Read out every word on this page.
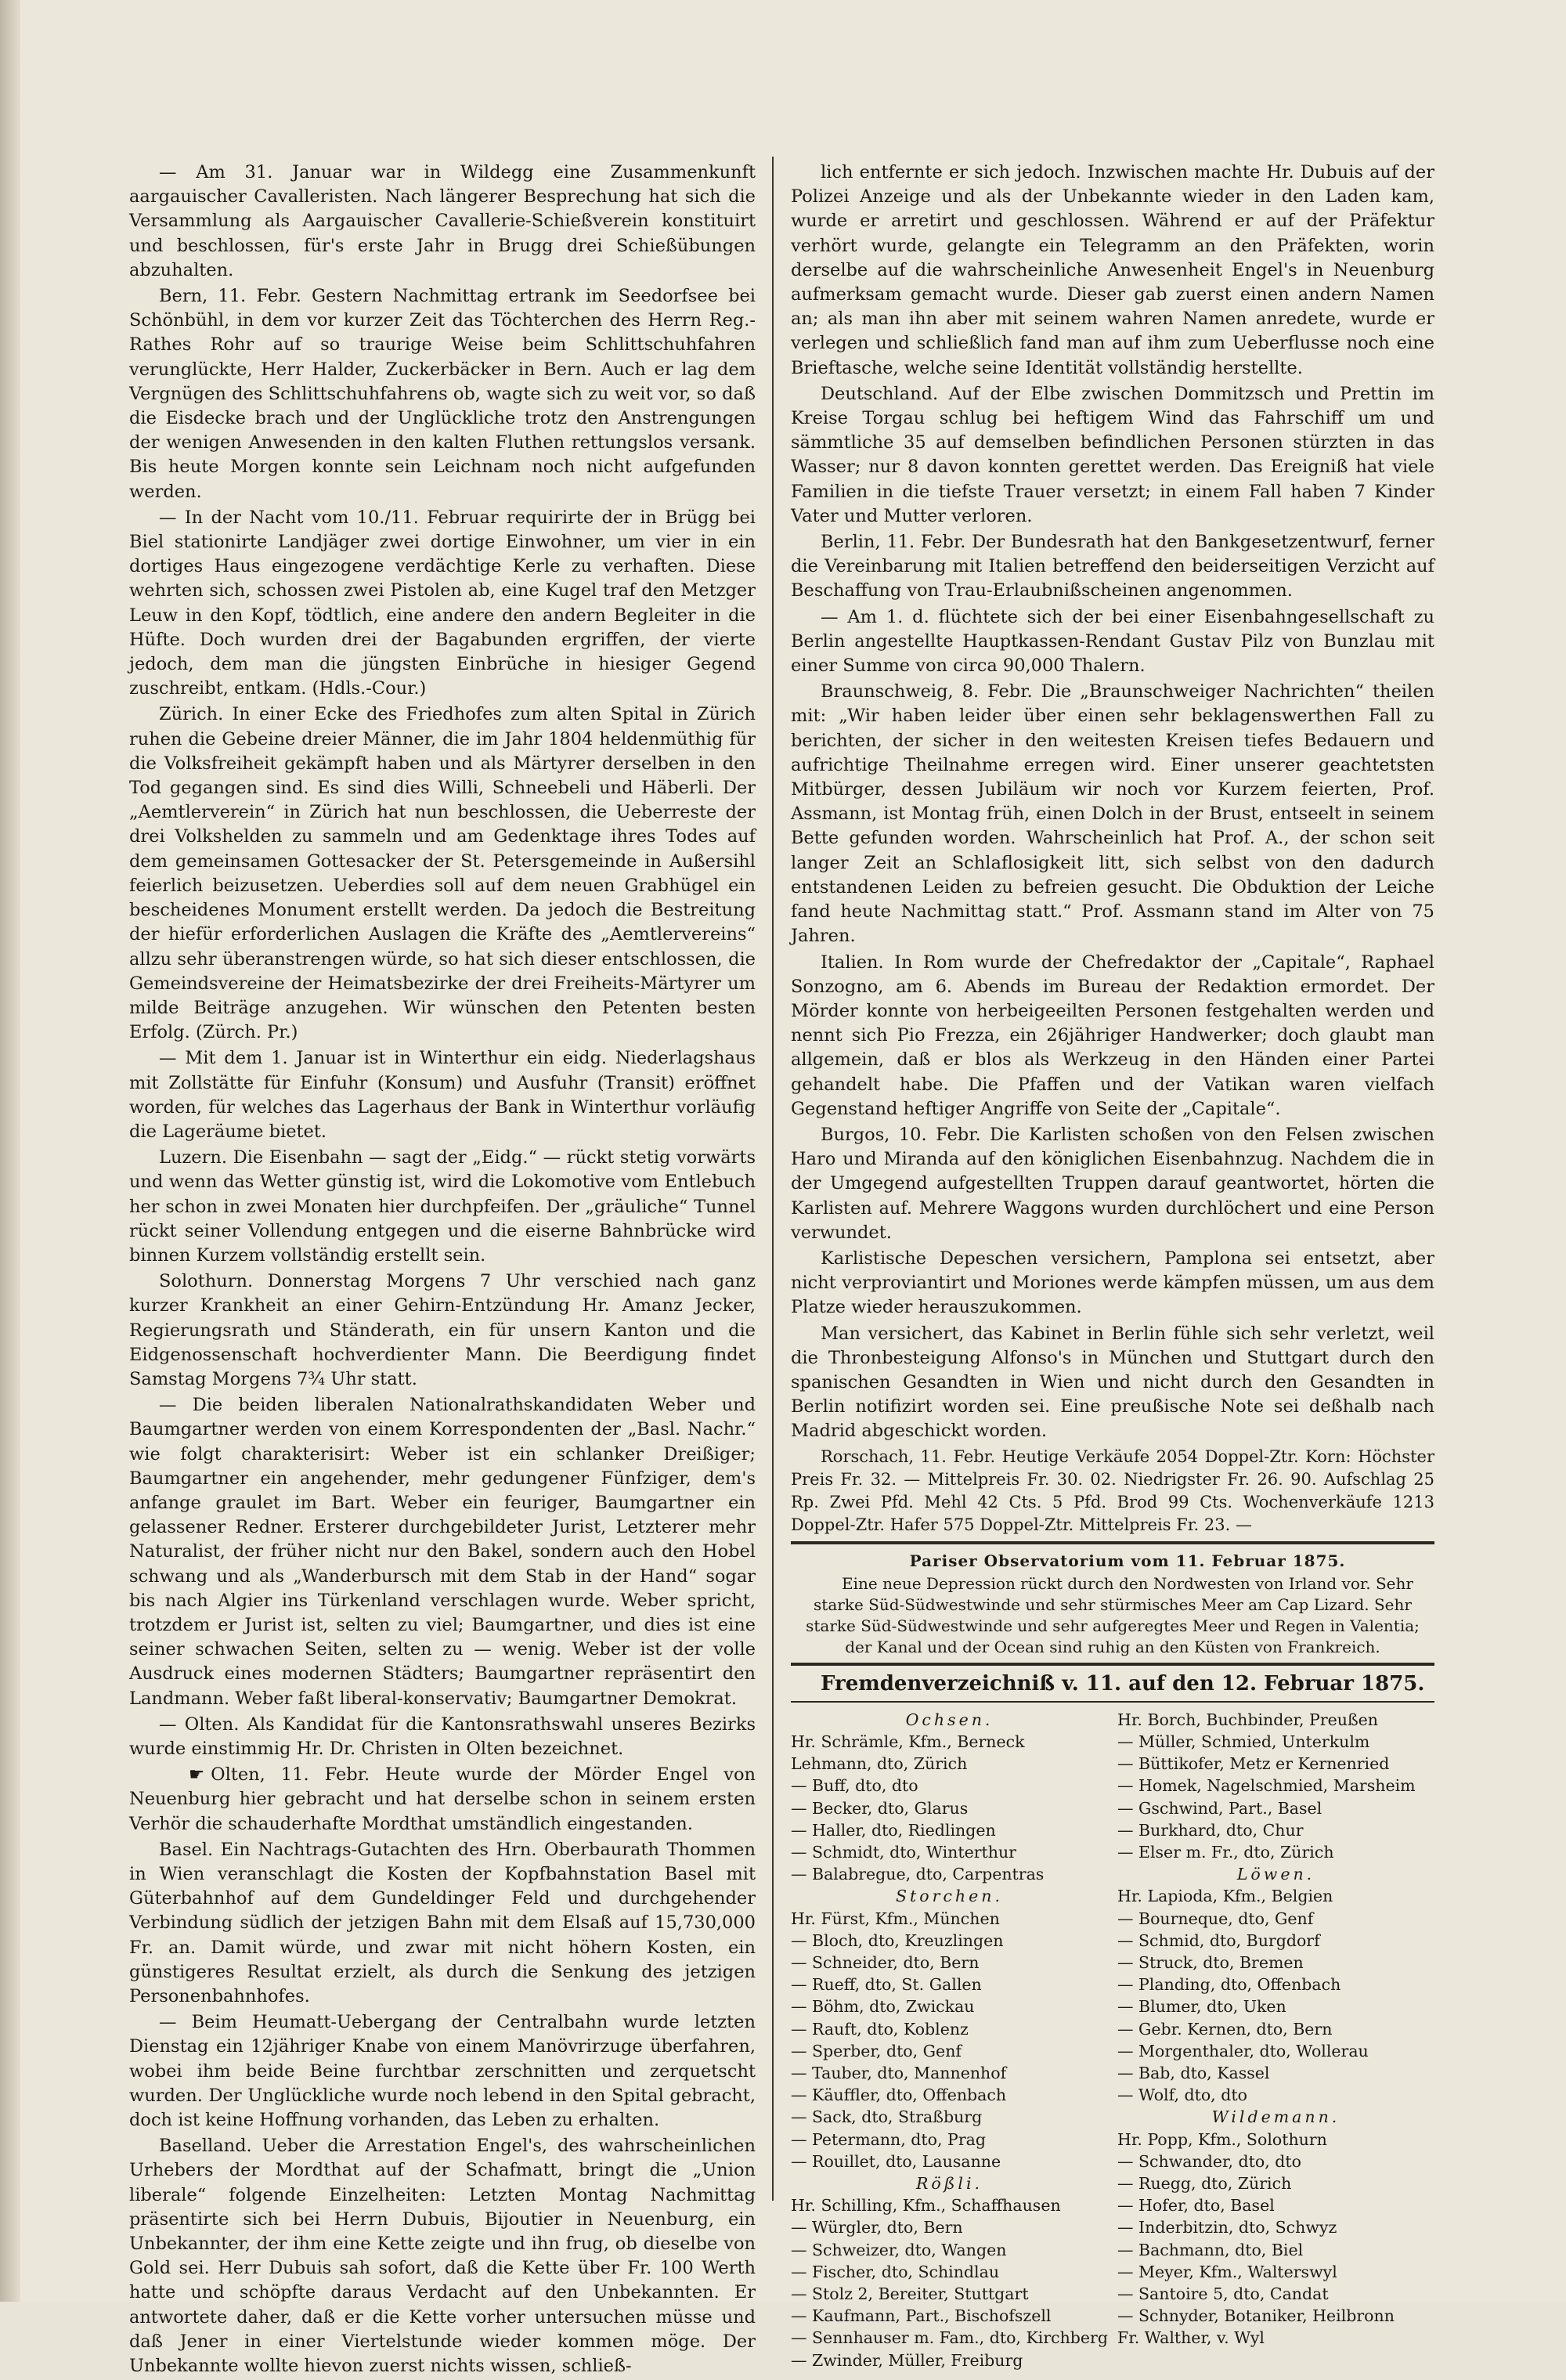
— Am 31. Januar war in Wildegg eine Zusammenkunft aargauischer Cavalleristen. Nach längerer Besprechung hat sich die Versammlung als Aargauischer Cavallerie-Schießverein konstituirt und beschlossen, für's erste Jahr in Brugg drei Schießübungen abzuhalten.

Bern, 11. Febr. Gestern Nachmittag ertrank im Seedorfsee bei Schönbühl, in dem vor kurzer Zeit das Töchterchen des Herrn Reg.-Rathes Rohr auf so traurige Weise beim Schlittschuhfahren verunglückte, Herr Halder, Zuckerbäcker in Bern. Auch er lag dem Vergnügen des Schlittschuhfahrens ob, wagte sich zu weit vor, so daß die Eisdecke brach und der Unglückliche trotz den Anstrengungen der wenigen Anwesenden in den kalten Fluthen rettungslos versank. Bis heute Morgen konnte sein Leichnam noch nicht aufgefunden werden.

— In der Nacht vom 10./11. Februar requirirte der in Brügg bei Biel stationirte Landjäger zwei dortige Einwohner, um vier in ein dortiges Haus eingezogene verdächtige Kerle zu verhaften. Diese wehrten sich, schossen zwei Pistolen ab, eine Kugel traf den Metzger Leuw in den Kopf, tödtlich, eine andere den andern Begleiter in die Hüfte. Doch wurden drei der Bagabunden ergriffen, der vierte jedoch, dem man die jüngsten Einbrüche in hiesiger Gegend zuschreibt, entkam. (Hdls.-Cour.)

Zürich. In einer Ecke des Friedhofes zum alten Spital in Zürich ruhen die Gebeine dreier Männer, die im Jahr 1804 heldenmüthig für die Volksfreiheit gekämpft haben und als Märtyrer derselben in den Tod gegangen sind. Es sind dies Willi, Schneebeli und Häberli. Der „Aemtlerverein“ in Zürich hat nun beschlossen, die Ueberreste der drei Volkshelden zu sammeln und am Gedenktage ihres Todes auf dem gemeinsamen Gottesacker der St. Petersgemeinde in Außersihl feierlich beizusetzen. Ueberdies soll auf dem neuen Grabhügel ein bescheidenes Monument erstellt werden. Da jedoch die Bestreitung der hiefür erforderlichen Auslagen die Kräfte des „Aemtlervereins“ allzu sehr überanstrengen würde, so hat sich dieser entschlossen, die Gemeindsvereine der Heimatsbezirke der drei Freiheits-Märtyrer um milde Beiträge anzugehen. Wir wünschen den Petenten besten Erfolg. (Zürch. Pr.)

— Mit dem 1. Januar ist in Winterthur ein eidg. Niederlagshaus mit Zollstätte für Einfuhr (Konsum) und Ausfuhr (Transit) eröffnet worden, für welches das Lagerhaus der Bank in Winterthur vorläufig die Lageräume bietet.

Luzern. Die Eisenbahn — sagt der „Eidg.“ — rückt stetig vorwärts und wenn das Wetter günstig ist, wird die Lokomotive vom Entlebuch her schon in zwei Monaten hier durchpfeifen. Der „gräuliche“ Tunnel rückt seiner Vollendung entgegen und die eiserne Bahnbrücke wird binnen Kurzem vollständig erstellt sein.

Solothurn. Donnerstag Morgens 7 Uhr verschied nach ganz kurzer Krankheit an einer Gehirn-Entzündung Hr. Amanz Jecker, Regierungsrath und Ständerath, ein für unsern Kanton und die Eidgenossenschaft hochverdienter Mann. Die Beerdigung findet Samstag Morgens 7¾ Uhr statt.

— Die beiden liberalen Nationalrathskandidaten Weber und Baumgartner werden von einem Korrespondenten der „Basl. Nachr.“ wie folgt charakterisirt: Weber ist ein schlanker Dreißiger; Baumgartner ein angehender, mehr gedungener Fünfziger, dem's anfange graulet im Bart. Weber ein feuriger, Baumgartner ein gelassener Redner. Ersterer durchgebildeter Jurist, Letzterer mehr Naturalist, der früher nicht nur den Bakel, sondern auch den Hobel schwang und als „Wanderbursch mit dem Stab in der Hand“ sogar bis nach Algier ins Türkenland verschlagen wurde. Weber spricht, trotzdem er Jurist ist, selten zu viel; Baumgartner, und dies ist eine seiner schwachen Seiten, selten zu — wenig. Weber ist der volle Ausdruck eines modernen Städters; Baumgartner repräsentirt den Landmann. Weber faßt liberal-konservativ; Baumgartner Demokrat.

— Olten. Als Kandidat für die Kantonsrathswahl unseres Bezirks wurde einstimmig Hr. Dr. Christen in Olten bezeichnet.

☛ Olten, 11. Febr. Heute wurde der Mörder Engel von Neuenburg hier gebracht und hat derselbe schon in seinem ersten Verhör die schauderhafte Mordthat umständlich eingestanden.

Basel. Ein Nachtrags-Gutachten des Hrn. Oberbaurath Thommen in Wien veranschlagt die Kosten der Kopfbahnstation Basel mit Güterbahnhof auf dem Gundeldinger Feld und durchgehender Verbindung südlich der jetzigen Bahn mit dem Elsaß auf 15,730,000 Fr. an. Damit würde, und zwar mit nicht höhern Kosten, ein günstigeres Resultat erzielt, als durch die Senkung des jetzigen Personenbahnhofes.

— Beim Heumatt-Uebergang der Centralbahn wurde letzten Dienstag ein 12jähriger Knabe von einem Manövrirzuge überfahren, wobei ihm beide Beine furchtbar zerschnitten und zerquetscht wurden. Der Unglückliche wurde noch lebend in den Spital gebracht, doch ist keine Hoffnung vorhanden, das Leben zu erhalten.

Baselland. Ueber die Arrestation Engel's, des wahrscheinlichen Urhebers der Mordthat auf der Schafmatt, bringt die „Union liberale“ folgende Einzelheiten: Letzten Montag Nachmittag präsentirte sich bei Herrn Dubuis, Bijoutier in Neuenburg, ein Unbekannter, der ihm eine Kette zeigte und ihn frug, ob dieselbe von Gold sei. Herr Dubuis sah sofort, daß die Kette über Fr. 100 Werth hatte und schöpfte daraus Verdacht auf den Unbekannten. Er antwortete daher, daß er die Kette vorher untersuchen müsse und daß Jener in einer Viertelstunde wieder kommen möge. Der Unbekannte wollte hievon zuerst nichts wissen, schließ-

lich entfernte er sich jedoch. Inzwischen machte Hr. Dubuis auf der Polizei Anzeige und als der Unbekannte wieder in den Laden kam, wurde er arretirt und geschlossen. Während er auf der Präfektur verhört wurde, gelangte ein Telegramm an den Präfekten, worin derselbe auf die wahrscheinliche Anwesenheit Engel's in Neuenburg aufmerksam gemacht wurde. Dieser gab zuerst einen andern Namen an; als man ihn aber mit seinem wahren Namen anredete, wurde er verlegen und schließlich fand man auf ihm zum Ueberflusse noch eine Brieftasche, welche seine Identität vollständig herstellte.

Deutschland. Auf der Elbe zwischen Dommitzsch und Prettin im Kreise Torgau schlug bei heftigem Wind das Fahrschiff um und sämmtliche 35 auf demselben befindlichen Personen stürzten in das Wasser; nur 8 davon konnten gerettet werden. Das Ereigniß hat viele Familien in die tiefste Trauer versetzt; in einem Fall haben 7 Kinder Vater und Mutter verloren.

Berlin, 11. Febr. Der Bundesrath hat den Bankgesetzentwurf, ferner die Vereinbarung mit Italien betreffend den beiderseitigen Verzicht auf Beschaffung von Trau-Erlaubnißscheinen angenommen.

— Am 1. d. flüchtete sich der bei einer Eisenbahngesellschaft zu Berlin angestellte Hauptkassen-Rendant Gustav Pilz von Bunzlau mit einer Summe von circa 90,000 Thalern.

Braunschweig, 8. Febr. Die „Braunschweiger Nachrichten“ theilen mit: „Wir haben leider über einen sehr beklagenswerthen Fall zu berichten, der sicher in den weitesten Kreisen tiefes Bedauern und aufrichtige Theilnahme erregen wird. Einer unserer geachtetsten Mitbürger, dessen Jubiläum wir noch vor Kurzem feierten, Prof. Assmann, ist Montag früh, einen Dolch in der Brust, entseelt in seinem Bette gefunden worden. Wahrscheinlich hat Prof. A., der schon seit langer Zeit an Schlaflosigkeit litt, sich selbst von den dadurch entstandenen Leiden zu befreien gesucht. Die Obduktion der Leiche fand heute Nachmittag statt.“ Prof. Assmann stand im Alter von 75 Jahren.

Italien. In Rom wurde der Chefredaktor der „Capitale“, Raphael Sonzogno, am 6. Abends im Bureau der Redaktion ermordet. Der Mörder konnte von herbeigeeilten Personen festgehalten werden und nennt sich Pio Frezza, ein 26jähriger Handwerker; doch glaubt man allgemein, daß er blos als Werkzeug in den Händen einer Partei gehandelt habe. Die Pfaffen und der Vatikan waren vielfach Gegenstand heftiger Angriffe von Seite der „Capitale“.

Burgos, 10. Febr. Die Karlisten schoßen von den Felsen zwischen Haro und Miranda auf den königlichen Eisenbahnzug. Nachdem die in der Umgegend aufgestellten Truppen darauf geantwortet, hörten die Karlisten auf. Mehrere Waggons wurden durchlöchert und eine Person verwundet.

Karlistische Depeschen versichern, Pamplona sei entsetzt, aber nicht verproviantirt und Moriones werde kämpfen müssen, um aus dem Platze wieder herauszukommen.

Man versichert, das Kabinet in Berlin fühle sich sehr verletzt, weil die Thronbesteigung Alfonso's in München und Stuttgart durch den spanischen Gesandten in Wien und nicht durch den Gesandten in Berlin notifizirt worden sei. Eine preußische Note sei deßhalb nach Madrid abgeschickt worden.

Rorschach, 11. Febr. Heutige Verkäufe 2054 Doppel-Ztr. Korn: Höchster Preis Fr. 32. — Mittelpreis Fr. 30. 02. Niedrigster Fr. 26. 90. Aufschlag 25 Rp. Zwei Pfd. Mehl 42 Cts. 5 Pfd. Brod 99 Cts. Wochenverkäufe 1213 Doppel-Ztr. Hafer 575 Doppel-Ztr. Mittelpreis Fr. 23. —

Pariser Observatorium vom 11. Februar 1875.

Eine neue Depression rückt durch den Nordwesten von Irland vor. Sehr starke Süd-Südwestwinde und sehr stürmisches Meer am Cap Lizard. Sehr starke Süd-Südwestwinde und sehr aufgeregtes Meer und Regen in Valentia; der Kanal und der Ocean sind ruhig an den Küsten von Frankreich.

Fremdenverzeichniß v. 11. auf den 12. Februar 1875.

Ochsen.
Hr. Schrämle, Kfm., Berneck
Lehmann, dto, Zürich
— Buff, dto, dto
— Becker, dto, Glarus
— Haller, dto, Riedlingen
— Schmidt, dto, Winterthur
— Balabregue, dto, Carpentras
Storchen.
Hr. Fürst, Kfm., München
— Bloch, dto, Kreuzlingen
— Schneider, dto, Bern
— Rueff, dto, St. Gallen
— Böhm, dto, Zwickau
— Rauft, dto, Koblenz
— Sperber, dto, Genf
— Tauber, dto, Mannenhof
— Käuffler, dto, Offenbach
— Sack, dto, Straßburg
— Petermann, dto, Prag
— Rouillet, dto, Lausanne
Rößli.
Hr. Schilling, Kfm., Schaffhausen
— Würgler, dto, Bern
— Schweizer, dto, Wangen
— Fischer, dto, Schindlau
— Stolz 2, Bereiter, Stuttgart
— Kaufmann, Part., Bischofszell
— Sennhauser m. Fam., dto, Kirchberg
— Zwinder, Müller, Freiburg
Hr. Borch, Buchbinder, Preußen
— Müller, Schmied, Unterkulm
— Büttikofer, Metz er Kernenried
— Homek, Nagelschmied, Marsheim
— Gschwind, Part., Basel
— Burkhard, dto, Chur
— Elser m. Fr., dto, Zürich
Löwen.
Hr. Lapioda, Kfm., Belgien
— Bourneque, dto, Genf
— Schmid, dto, Burgdorf
— Struck, dto, Bremen
— Planding, dto, Offenbach
— Blumer, dto, Uken
— Gebr. Kernen, dto, Bern
— Morgenthaler, dto, Wollerau
— Bab, dto, Kassel
— Wolf, dto, dto
Wildemann.
Hr. Popp, Kfm., Solothurn
— Schwander, dto, dto
— Ruegg, dto, Zürich
— Hofer, dto, Basel
— Inderbitzin, dto, Schwyz
— Bachmann, dto, Biel
— Meyer, Kfm., Walterswyl
— Santoire 5, dto, Candat
— Schnyder, Botaniker, Heilbronn
Fr. Walther, v. Wyl
